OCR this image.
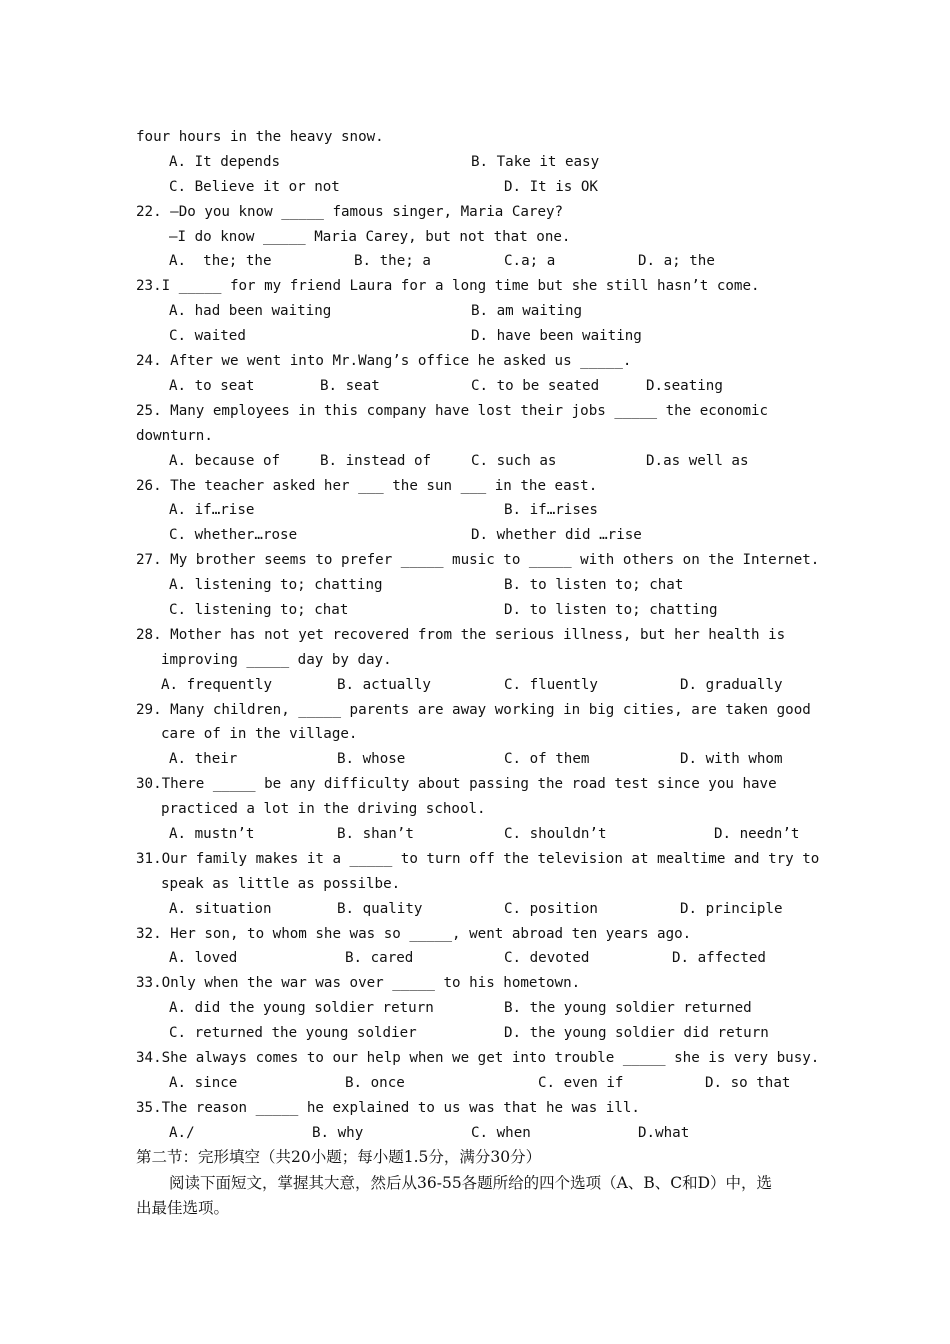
four hours in the heavy snow.
A. It depends	B. Take it easy
C. Believe it or not	D. It is OK
22. —Do you know _____ famous singer, Maria Carey?
—I do know _____ Maria Carey, but not that one.
A.  the; the	B. the; a	C.a; a	D. a; the
23.I _____ for my friend Laura for a long time but she still hasn’t come.
A. had been waiting	B. am waiting
C. waited	D. have been waiting
24. After we went into Mr.Wang’s office he asked us _____.
A. to seat	B. seat	C. to be seated	D.seating
25. Many employees in this company have lost their jobs _____ the economic
downturn.
A. because of	B. instead of	C. such as	D.as well as
26. The teacher asked her ___ the sun ___ in the east.
A. if…rise	B. if…rises
C. whether…rose	D. whether did …rise
27. My brother seems to prefer _____ music to _____ with others on the Internet.
A. listening to; chatting	B. to listen to; chat
C. listening to; chat	D. to listen to; chatting
28. Mother has not yet recovered from the serious illness, but her health is
improving _____ day by day.
A. frequently	B. actually	C. fluently	D. gradually
29. Many children, _____ parents are away working in big cities, are taken good
care of in the village.
A. their	B. whose	C. of them	D. with whom
30.There _____ be any difficulty about passing the road test since you have
practiced a lot in the driving school.
A. mustn’t	B. shan’t	C. shouldn’t	D. needn’t
31.Our family makes it a _____ to turn off the television at mealtime and try to
speak as little as possilbe.
A. situation	B. quality	C. position	D. principle
32. Her son, to whom she was so _____, went abroad ten years ago.
A. loved	B. cared	C. devoted	D. affected
33.Only when the war was over _____ to his hometown.
A. did the young soldier return	B. the young soldier returned
C. returned the young soldier	D. the young soldier did return
34.She always comes to our help when we get into trouble _____ she is very busy.
A. since	B. once	C. even if	D. so that
35.The reason _____ he explained to us was that he was ill.
A./	B. why	C. when	D.what
第二节：完形填空（共20小题；每小题1.5分，满分30分）
阅读下面短文，掌握其大意，然后从36-55各题所给的四个选项（A、B、C和D）中，选
出最佳选项。
